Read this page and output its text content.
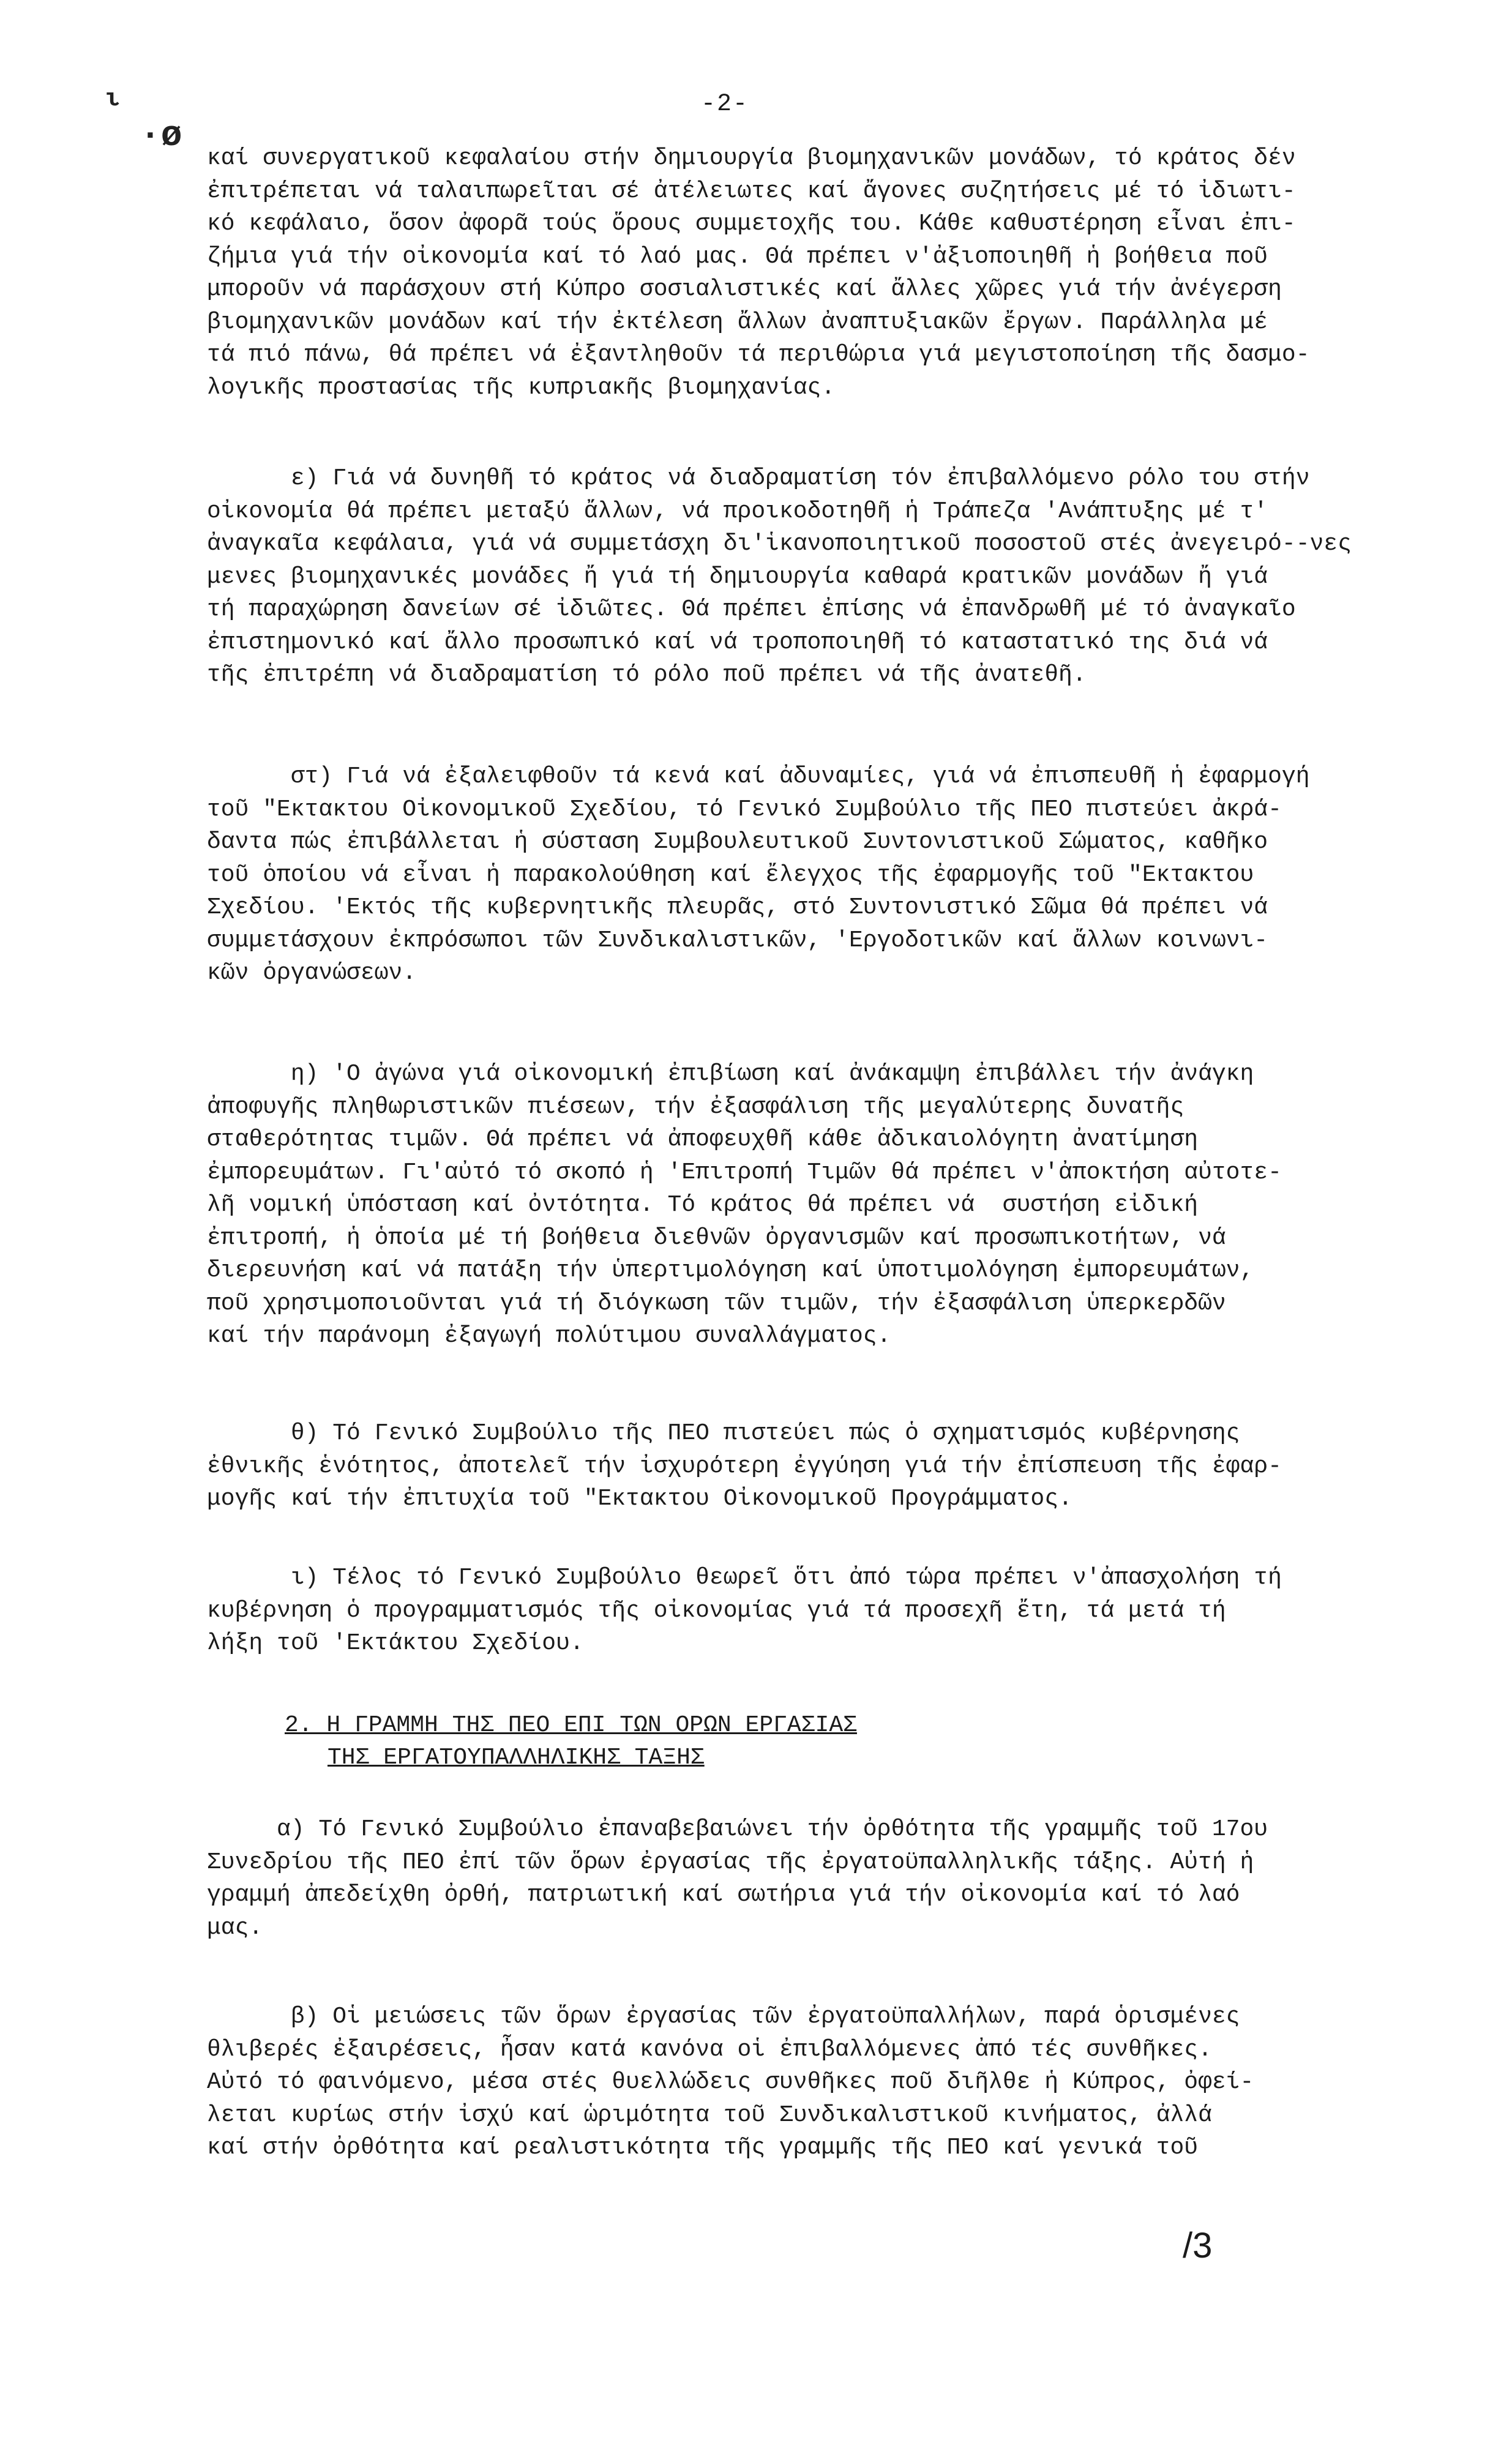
ι
·ø
-2-
καί συνεργατικοῦ κεφαλαίου στήν δημιουργία βιομηχανικῶν μονάδων, τό κράτος δέν
ἐπιτρέπεται νά ταλαιπωρεῖται σέ ἀτέλειωτες καί ἄγονες συζητήσεις μέ τό ἰδιωτι-
κό κεφάλαιο, ὅσον ἀφορᾶ τούς ὅρους συμμετοχῆς του. Κάθε καθυστέρηση εἶναι ἐπι-
ζήμια γιά τήν οἰκονομία καί τό λαό μας. Θά πρέπει ν'ἀξιοποιηθῆ ἡ βοήθεια ποῦ
μποροῦν νά παράσχουν στή Κύπρο σοσιαλιστικές καί ἄλλες χῶρες γιά τήν ἀνέγερση
βιομηχανικῶν μονάδων καί τήν ἐκτέλεση ἄλλων ἀναπτυξιακῶν ἔργων. Παράλληλα μέ
τά πιό πάνω, θά πρέπει νά ἐξαντληθοῦν τά περιθώρια γιά μεγιστοποίηση τῆς δασμο-
λογικῆς προστασίας τῆς κυπριακῆς βιομηχανίας.
ε) Γιά νά δυνηθῆ τό κράτος νά διαδραματίση τόν ἐπιβαλλόμενο ρόλο του στήν
οἰκονομία θά πρέπει μεταξύ ἄλλων, νά προικοδοτηθῆ ἡ Τράπεζα 'Ανάπτυξης μέ τ'
ἀναγκαῖα κεφάλαια, γιά νά συμμετάσχη δι'ἱκανοποιητικοῦ ποσοστοῦ στές ἀνεγειρό--νες
μενες βιομηχανικές μονάδες ἤ γιά τή δημιουργία καθαρά κρατικῶν μονάδων ἤ γιά
τή παραχώρηση δανείων σέ ἰδιῶτες. Θά πρέπει ἐπίσης νά ἐπανδρωθῆ μέ τό ἀναγκαῖο
ἐπιστημονικό καί ἄλλο προσωπικό καί νά τροποποιηθῆ τό καταστατικό της διά νά
τῆς ἐπιτρέπη νά διαδραματίση τό ρόλο ποῦ πρέπει νά τῆς ἀνατεθῆ.
στ) Γιά νά ἐξαλειφθοῦν τά κενά καί ἀδυναμίες, γιά νά ἐπισπευθῆ ἡ ἐφαρμογή
τοῦ "Εκτακτου Οἰκονομικοῦ Σχεδίου, τό Γενικό Συμβούλιο τῆς ΠΕΟ πιστεύει ἀκρά-
δαντα πώς ἐπιβάλλεται ἡ σύσταση Συμβουλευτικοῦ Συντονιστικοῦ Σώματος, καθῆκο
τοῦ ὁποίου νά εἶναι ἡ παρακολούθηση καί ἔλεγχος τῆς ἐφαρμογῆς τοῦ "Εκτακτου
Σχεδίου. 'Εκτός τῆς κυβερνητικῆς πλευρᾶς, στό Συντονιστικό Σῶμα θά πρέπει νά
συμμετάσχουν ἐκπρόσωποι τῶν Συνδικαλιστικῶν, 'Εργοδοτικῶν καί ἄλλων κοινωνι-
κῶν ὀργανώσεων.
η) 'Ο ἀγώνα γιά οἰκονομική ἐπιβίωση καί ἀνάκαμψη ἐπιβάλλει τήν ἀνάγκη
ἀποφυγῆς πληθωριστικῶν πιέσεων, τήν ἐξασφάλιση τῆς μεγαλύτερης δυνατῆς
σταθερότητας τιμῶν. Θά πρέπει νά ἀποφευχθῆ κάθε ἀδικαιολόγητη ἀνατίμηση
ἐμπορευμάτων. Γι'αὐτό τό σκοπό ἡ 'Επιτροπή Τιμῶν θά πρέπει ν'ἀποκτήση αὐτοτε-
λῆ νομική ὑπόσταση καί ὀντότητα. Τό κράτος θά πρέπει νά  συστήση εἰδική
ἐπιτροπή, ἡ ὁποία μέ τή βοήθεια διεθνῶν ὀργανισμῶν καί προσωπικοτήτων, νά
διερευνήση καί νά πατάξη τήν ὑπερτιμολόγηση καί ὑποτιμολόγηση ἐμπορευμάτων,
ποῦ χρησιμοποιοῦνται γιά τή διόγκωση τῶν τιμῶν, τήν ἐξασφάλιση ὑπερκερδῶν
καί τήν παράνομη ἐξαγωγή πολύτιμου συναλλάγματος.
θ) Τό Γενικό Συμβούλιο τῆς ΠΕΟ πιστεύει πώς ὁ σχηματισμός κυβέρνησης
ἐθνικῆς ἑνότητος, ἀποτελεῖ τήν ἰσχυρότερη ἐγγύηση γιά τήν ἐπίσπευση τῆς ἐφαρ-
μογῆς καί τήν ἐπιτυχία τοῦ "Εκτακτου Οἰκονομικοῦ Προγράμματος.
ι) Τέλος τό Γενικό Συμβούλιο θεωρεῖ ὅτι ἀπό τώρα πρέπει ν'ἀπασχολήση τή
κυβέρνηση ὁ προγραμματισμός τῆς οἰκονομίας γιά τά προσεχῆ ἔτη, τά μετά τή
λήξη τοῦ 'Εκτάκτου Σχεδίου.
2. Η ΓΡΑΜΜΗ ΤΗΣ ΠΕΟ ΕΠΙ ΤΩΝ ΟΡΩΝ ΕΡΓΑΣΙΑΣ
ΤΗΣ ΕΡΓΑΤΟΥΠΑΛΛΗΛΙΚΗΣ ΤΑΞΗΣ
α) Τό Γενικό Συμβούλιο ἐπαναβεβαιώνει τήν ὀρθότητα τῆς γραμμῆς τοῦ 17ου
Συνεδρίου τῆς ΠΕΟ ἐπί τῶν ὅρων ἐργασίας τῆς ἐργατοϋπαλληλικῆς τάξης. Αὐτή ἡ
γραμμή ἀπεδείχθη ὀρθή, πατριωτική καί σωτήρια γιά τήν οἰκονομία καί τό λαό
μας.
β) Οἱ μειώσεις τῶν ὅρων ἐργασίας τῶν ἐργατοϋπαλλήλων, παρά ὁρισμένες
θλιβερές ἐξαιρέσεις, ἦσαν κατά κανόνα οἱ ἐπιβαλλόμενες ἀπό τές συνθῆκες.
Αὐτό τό φαινόμενο, μέσα στές θυελλώδεις συνθῆκες ποῦ διῆλθε ἡ Κύπρος, ὀφεί-
λεται κυρίως στήν ἰσχύ καί ὡριμότητα τοῦ Συνδικαλιστικοῦ κινήματος, ἀλλά
καί στήν ὀρθότητα καί ρεαλιστικότητα τῆς γραμμῆς τῆς ΠΕΟ καί γενικά τοῦ
/3
